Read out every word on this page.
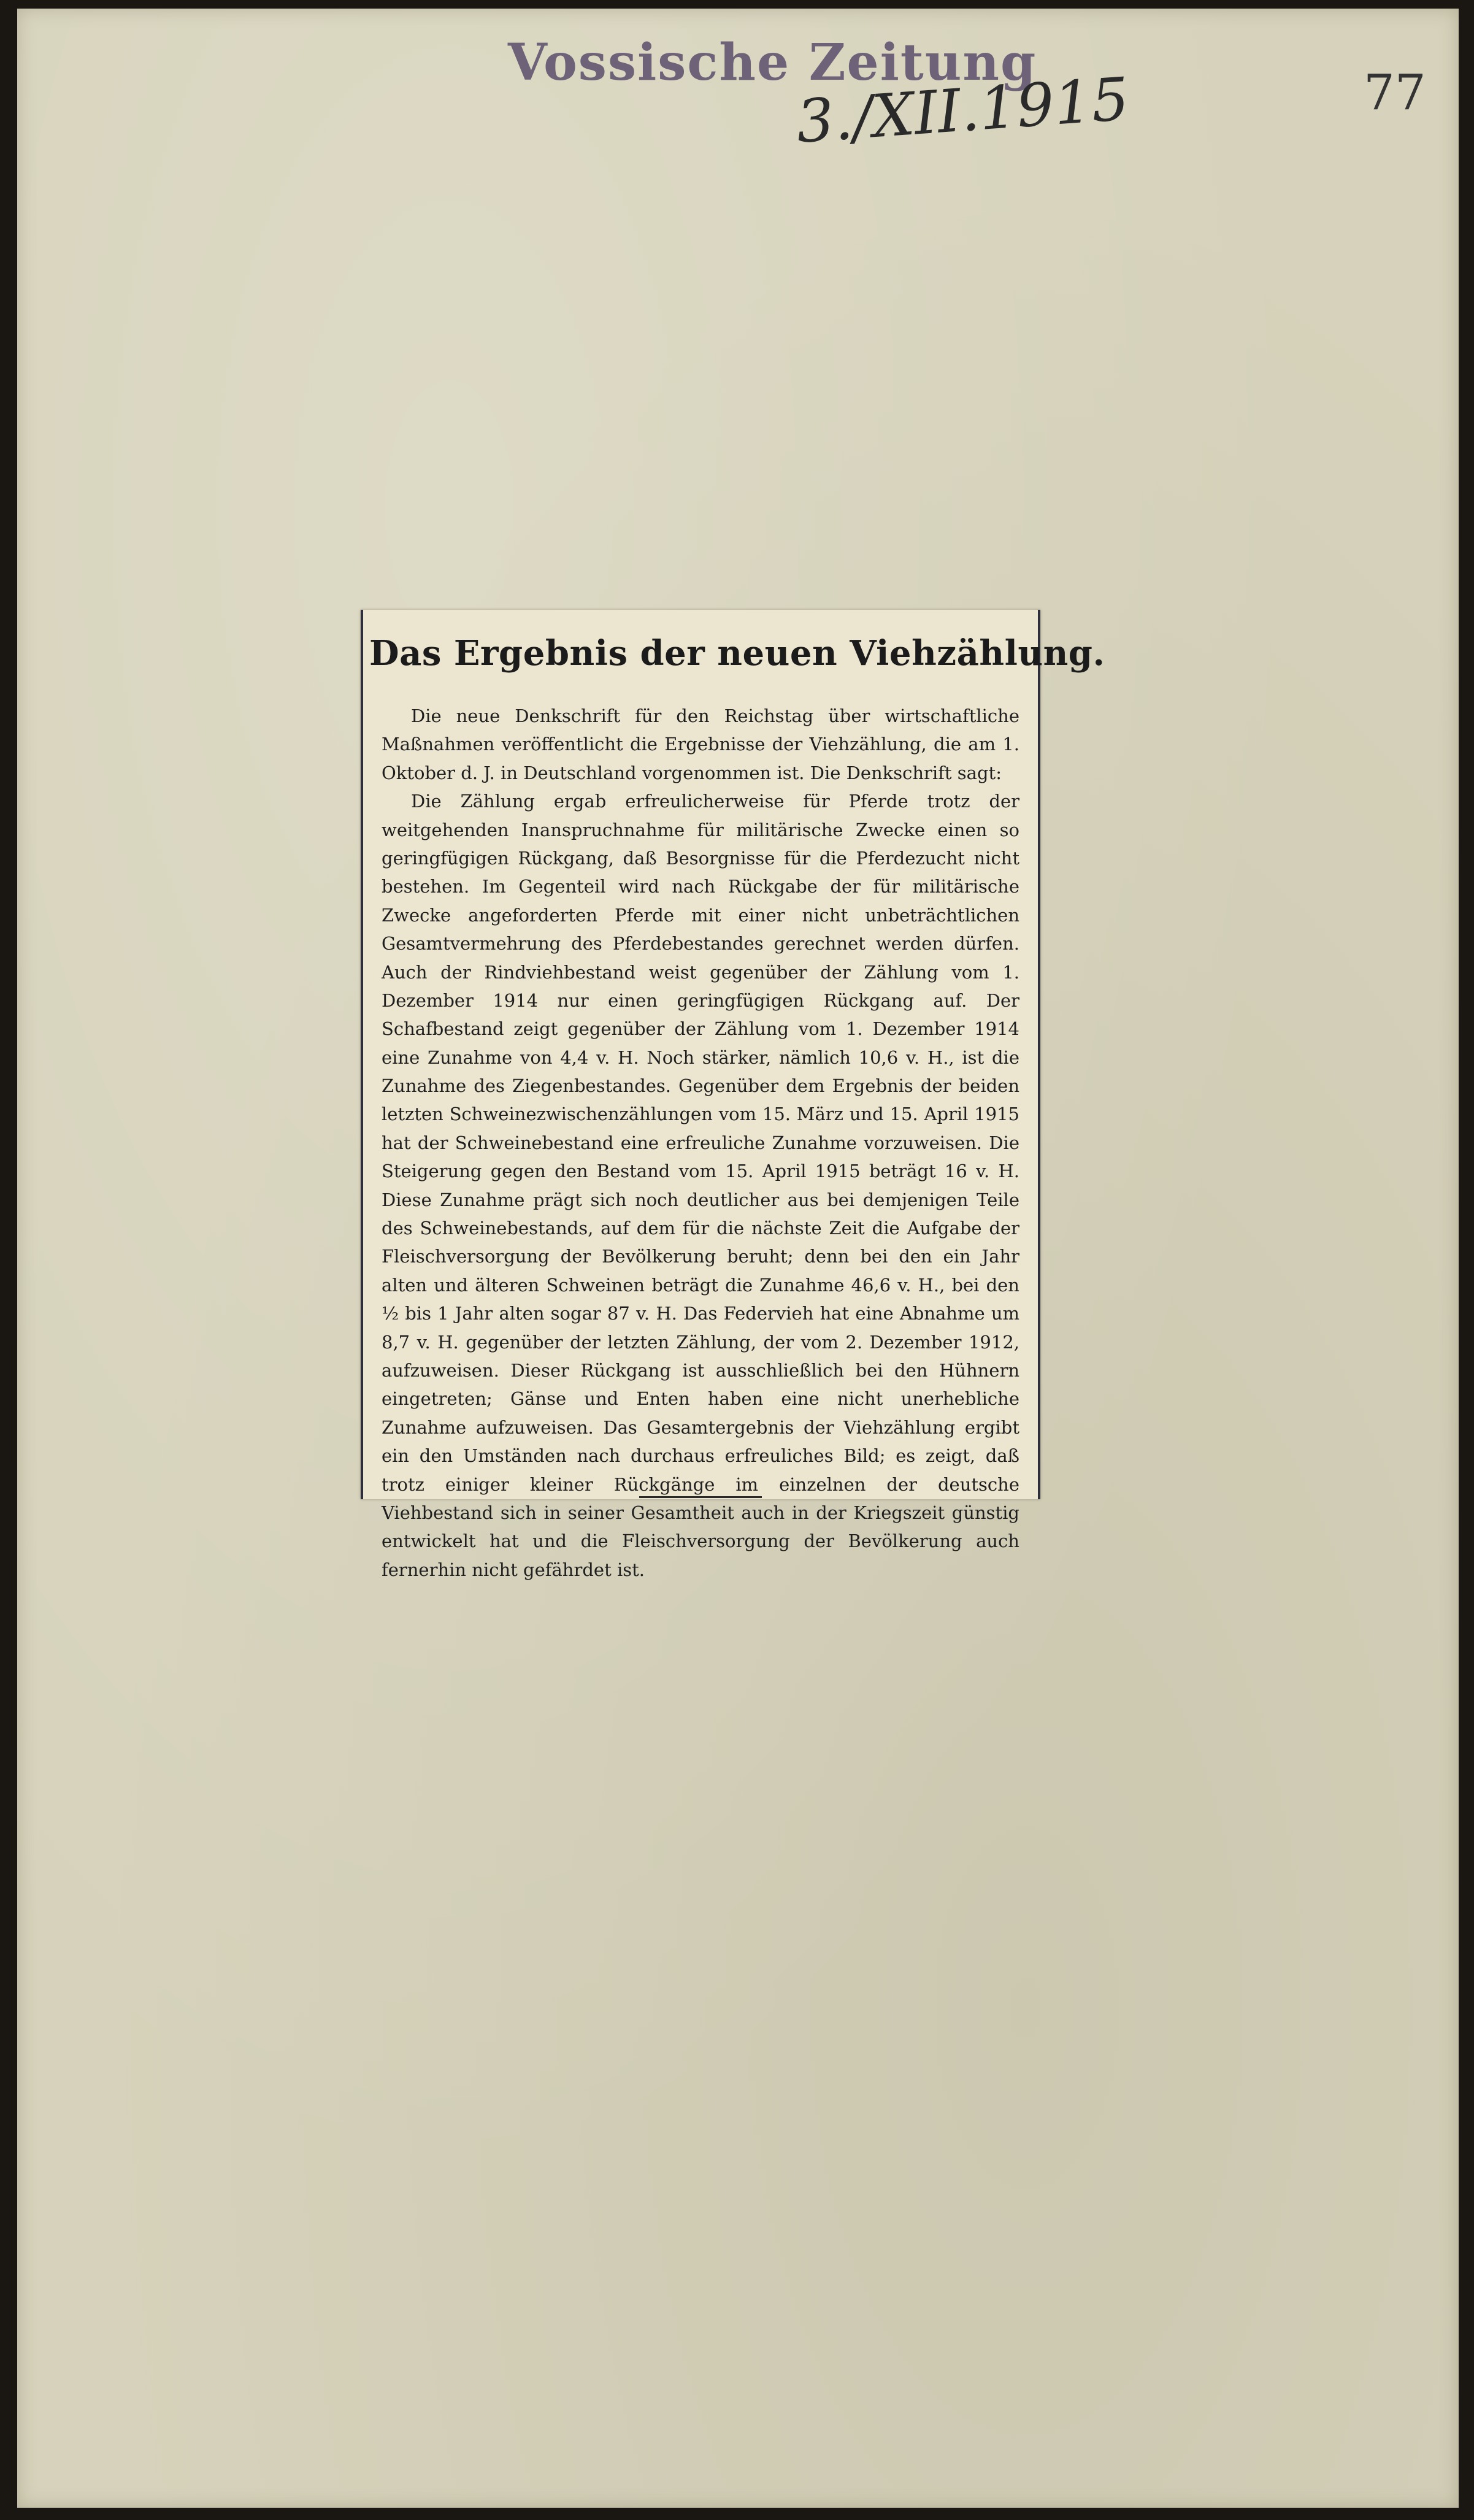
Vossische Zeitung
3./XII.1915	77
Das Ergebnis der neuen Viehzählung.

Die neue Denkschrift für den Reichstag über wirtschaftliche Maßnahmen veröffentlicht die Ergebnisse der Viehzählung, die am 1. Oktober d. J. in Deutschland vorgenommen ist. Die Denkschrift sagt:

Die Zählung ergab erfreulicherweise für Pferde trotz der weitgehenden Inanspruchnahme für militärische Zwecke einen so geringfügigen Rückgang, daß Besorgnisse für die Pferdezucht nicht bestehen. Im Gegenteil wird nach Rückgabe der für militärische Zwecke angeforderten Pferde mit einer nicht unbeträchtlichen Gesamtvermehrung des Pferdebestandes gerechnet werden dürfen. Auch der Rindviehbestand weist gegenüber der Zählung vom 1. Dezember 1914 nur einen geringfügigen Rückgang auf. Der Schafbestand zeigt gegenüber der Zählung vom 1. Dezember 1914 eine Zunahme von 4,4 v. H. Noch stärker, nämlich 10,6 v. H., ist die Zunahme des Ziegenbestandes. Gegenüber dem Ergebnis der beiden letzten Schweinezwischenzählungen vom 15. März und 15. April 1915 hat der Schweinebestand eine erfreuliche Zunahme vorzuweisen. Die Steigerung gegen den Bestand vom 15. April 1915 beträgt 16 v. H. Diese Zunahme prägt sich noch deutlicher aus bei demjenigen Teile des Schweinebestands, auf dem für die nächste Zeit die Aufgabe der Fleischversorgung der Bevölkerung beruht; denn bei den ein Jahr alten und älteren Schweinen beträgt die Zunahme 46,6 v. H., bei den ½ bis 1 Jahr alten sogar 87 v. H. Das Federvieh hat eine Abnahme um 8,7 v. H. gegenüber der letzten Zählung, der vom 2. Dezember 1912, aufzuweisen. Dieser Rückgang ist ausschließlich bei den Hühnern eingetreten; Gänse und Enten haben eine nicht unerhebliche Zunahme aufzuweisen. Das Gesamtergebnis der Viehzählung ergibt ein den Umständen nach durchaus erfreuliches Bild; es zeigt, daß trotz einiger kleiner Rückgänge im einzelnen der deutsche Viehbestand sich in seiner Gesamtheit auch in der Kriegszeit günstig entwickelt hat und die Fleischversorgung der Bevölkerung auch fernerhin nicht gefährdet ist.
